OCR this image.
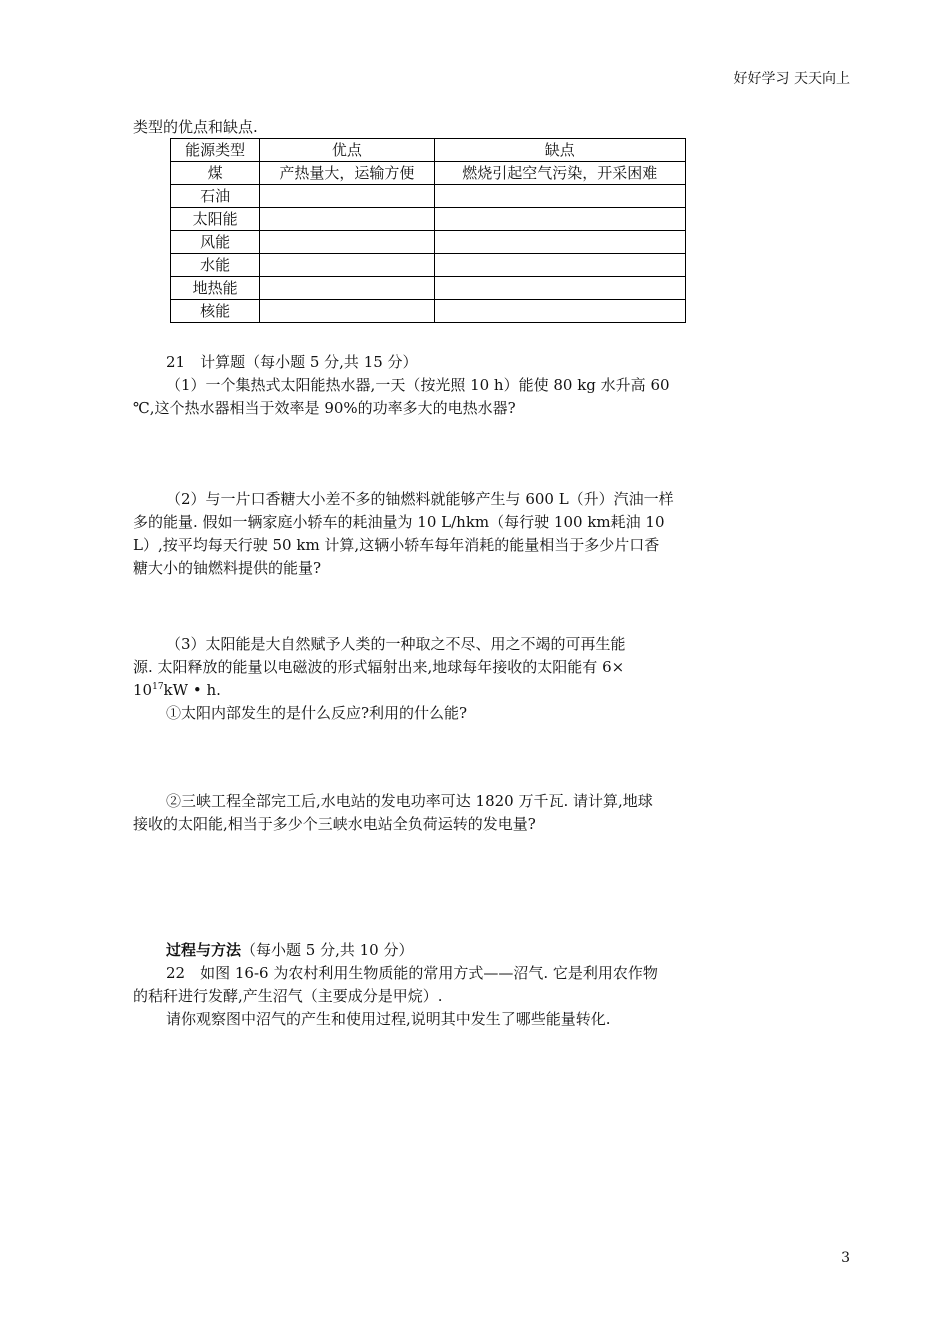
好好学习 天天向上
类型的优点和缺点.
能源类型	优点	缺点
煤	产热量大，运输方便	燃烧引起空气污染，开采困难
石油		
太阳能		
风能		
水能		
地热能		
核能		
21　计算题（每小题 5 分,共 15 分）
（1）一个集热式太阳能热水器,一天（按光照 10 h）能使 80 kg 水升高 60
℃,这个热水器相当于效率是 90%的功率多大的电热水器?
（2）与一片口香糖大小差不多的铀燃料就能够产生与 600 L（升）汽油一样
多的能量. 假如一辆家庭小轿车的耗油量为 10 L/hkm（每行驶 100 km耗油 10
L）,按平均每天行驶 50 km 计算,这辆小轿车每年消耗的能量相当于多少片口香
糖大小的铀燃料提供的能量?
（3）太阳能是大自然赋予人类的一种取之不尽、用之不竭的可再生能
源. 太阳释放的能量以电磁波的形式辐射出来,地球每年接收的太阳能有 6×
$10^{17}kW$ • h.
①太阳内部发生的是什么反应?利用的什么能?
②三峡工程全部完工后,水电站的发电功率可达 1820 万千瓦. 请计算,地球
接收的太阳能,相当于多少个三峡水电站全负荷运转的发电量?
过程与方法（每小题 5 分,共 10 分）
22　如图 16-6 为农村利用生物质能的常用方式——沼气. 它是利用农作物
的秸秆进行发酵,产生沼气（主要成分是甲烷）.
请你观察图中沼气的产生和使用过程,说明其中发生了哪些能量转化.
3
